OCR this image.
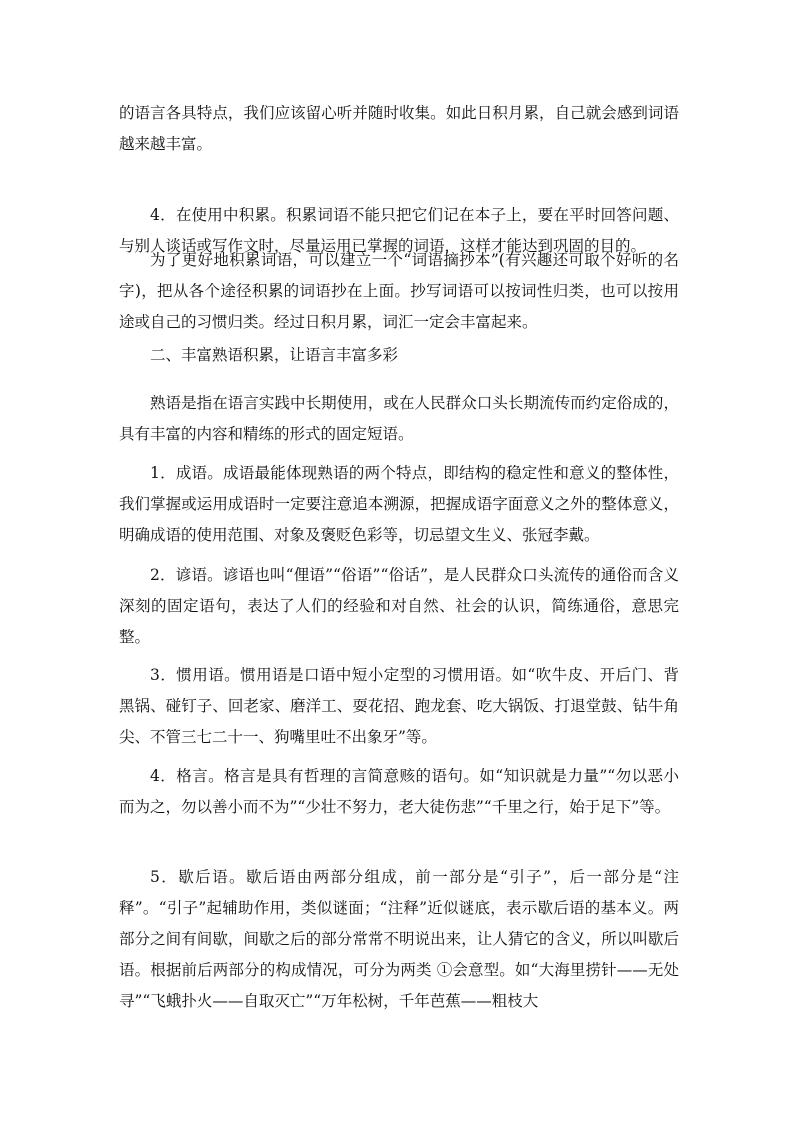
的语言各具特点，我们应该留心听并随时收集。如此日积月累，自己就会感到词语越来越丰富。

4．在使用中积累。积累词语不能只把它们记在本子上，要在平时回答问题、与别人谈话或写作文时，尽量运用已掌握的词语，这样才能达到巩固的目的。

为了更好地积累词语，可以建立一个“词语摘抄本”(有兴趣还可取个好听的名字)，把从各个途径积累的词语抄在上面。抄写词语可以按词性归类，也可以按用途或自己的习惯归类。经过日积月累，词汇一定会丰富起来。

二、丰富熟语积累，让语言丰富多彩

熟语是指在语言实践中长期使用，或在人民群众口头长期流传而约定俗成的，具有丰富的内容和精练的形式的固定短语。

1．成语。成语最能体现熟语的两个特点，即结构的稳定性和意义的整体性，我们掌握或运用成语时一定要注意追本溯源，把握成语字面意义之外的整体意义，明确成语的使用范围、对象及褒贬色彩等，切忌望文生义、张冠李戴。

2．谚语。谚语也叫“俚语”“俗语”“俗话”，是人民群众口头流传的通俗而含义深刻的固定语句，表达了人们的经验和对自然、社会的认识，简练通俗，意思完整。

3．惯用语。惯用语是口语中短小定型的习惯用语。如“吹牛皮、开后门、背黑锅、碰钉子、回老家、磨洋工、耍花招、跑龙套、吃大锅饭、打退堂鼓、钻牛角尖、不管三七二十一、狗嘴里吐不出象牙”等。

4．格言。格言是具有哲理的言简意赅的语句。如“知识就是力量”“勿以恶小而为之，勿以善小而不为”“少壮不努力，老大徒伤悲”“千里之行，始于足下”等。

5．歇后语。歇后语由两部分组成，前一部分是“引子”，后一部分是“注释”。“引子”起辅助作用，类似谜面；“注释”近似谜底，表示歇后语的基本义。两部分之间有间歇，间歇之后的部分常常不明说出来，让人猜它的含义，所以叫歇后语。根据前后两部分的构成情况，可分为两类 ①会意型。如“大海里捞针——无处寻”“飞蛾扑火——自取灭亡”“万年松树，千年芭蕉——粗枝大
